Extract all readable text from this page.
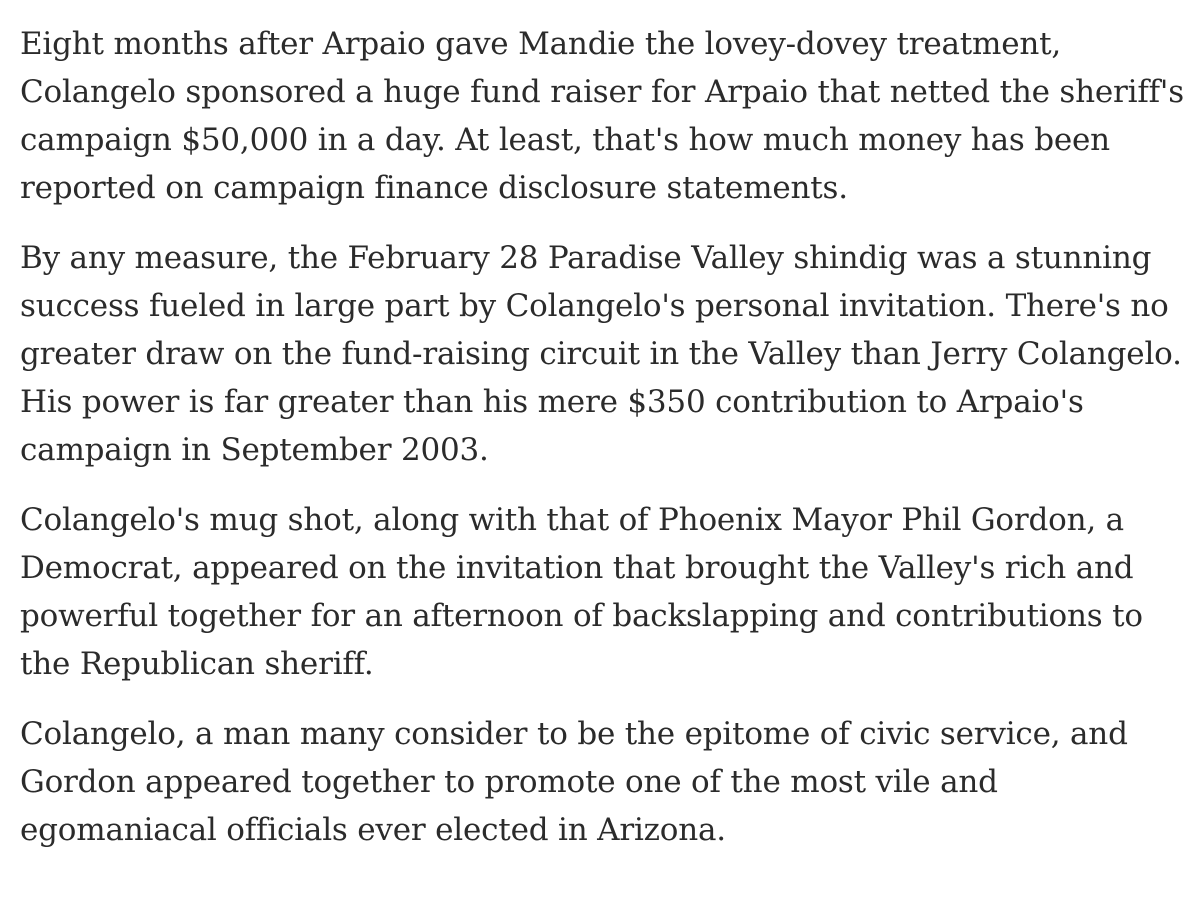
Eight months after Arpaio gave Mandie the lovey-dovey treatment,
Colangelo sponsored a huge fund raiser for Arpaio that netted the sheriff's
campaign $50,000 in a day. At least, that's how much money has been
reported on campaign finance disclosure statements.
By any measure, the February 28 Paradise Valley shindig was a stunning
success fueled in large part by Colangelo's personal invitation. There's no
greater draw on the fund-raising circuit in the Valley than Jerry Colangelo.
His power is far greater than his mere $350 contribution to Arpaio's
campaign in September 2003.
Colangelo's mug shot, along with that of Phoenix Mayor Phil Gordon, a
Democrat, appeared on the invitation that brought the Valley's rich and
powerful together for an afternoon of backslapping and contributions to
the Republican sheriff.
Colangelo, a man many consider to be the epitome of civic service, and
Gordon appeared together to promote one of the most vile and
egomaniacal officials ever elected in Arizona.
